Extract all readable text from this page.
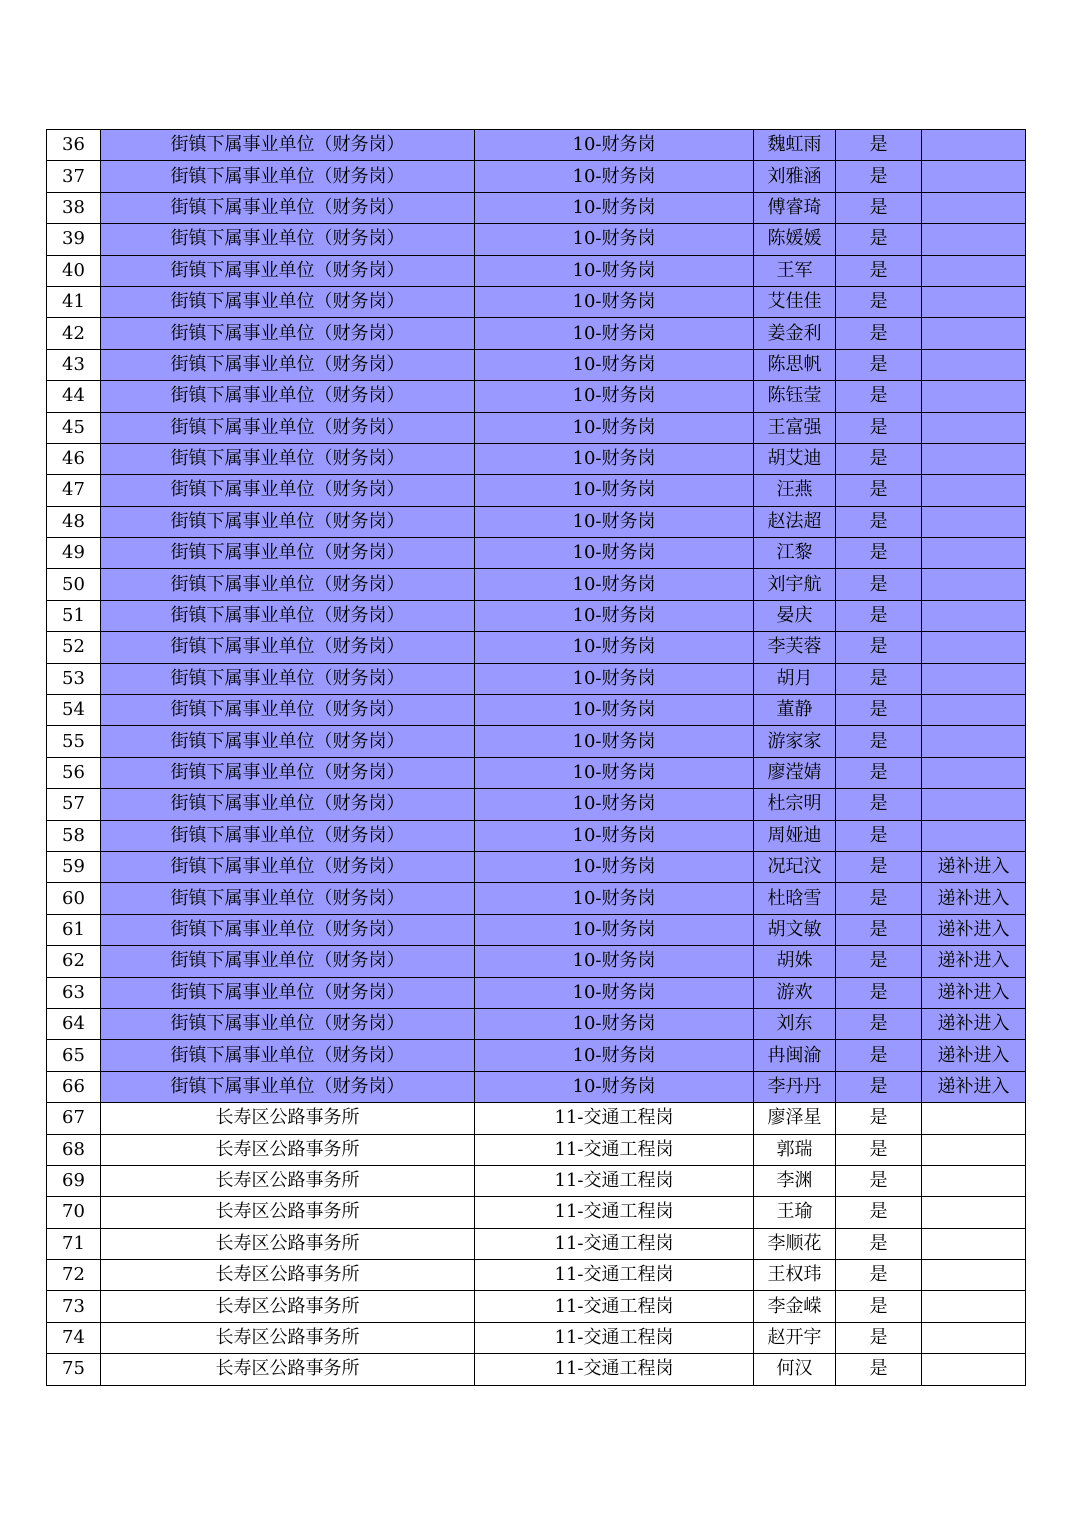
36	街镇下属事业单位（财务岗）	10-财务岗	魏虹雨	是	
37	街镇下属事业单位（财务岗）	10-财务岗	刘雅涵	是	
38	街镇下属事业单位（财务岗）	10-财务岗	傅睿琦	是	
39	街镇下属事业单位（财务岗）	10-财务岗	陈媛媛	是	
40	街镇下属事业单位（财务岗）	10-财务岗	王军	是	
41	街镇下属事业单位（财务岗）	10-财务岗	艾佳佳	是	
42	街镇下属事业单位（财务岗）	10-财务岗	姜金利	是	
43	街镇下属事业单位（财务岗）	10-财务岗	陈思帆	是	
44	街镇下属事业单位（财务岗）	10-财务岗	陈钰莹	是	
45	街镇下属事业单位（财务岗）	10-财务岗	王富强	是	
46	街镇下属事业单位（财务岗）	10-财务岗	胡艾迪	是	
47	街镇下属事业单位（财务岗）	10-财务岗	汪燕	是	
48	街镇下属事业单位（财务岗）	10-财务岗	赵法超	是	
49	街镇下属事业单位（财务岗）	10-财务岗	江黎	是	
50	街镇下属事业单位（财务岗）	10-财务岗	刘宇航	是	
51	街镇下属事业单位（财务岗）	10-财务岗	晏庆	是	
52	街镇下属事业单位（财务岗）	10-财务岗	李芙蓉	是	
53	街镇下属事业单位（财务岗）	10-财务岗	胡月	是	
54	街镇下属事业单位（财务岗）	10-财务岗	董静	是	
55	街镇下属事业单位（财务岗）	10-财务岗	游家家	是	
56	街镇下属事业单位（财务岗）	10-财务岗	廖滢婧	是	
57	街镇下属事业单位（财务岗）	10-财务岗	杜宗明	是	
58	街镇下属事业单位（财务岗）	10-财务岗	周娅迪	是	
59	街镇下属事业单位（财务岗）	10-财务岗	况玘汶	是	递补进入
60	街镇下属事业单位（财务岗）	10-财务岗	杜晗雪	是	递补进入
61	街镇下属事业单位（财务岗）	10-财务岗	胡文敏	是	递补进入
62	街镇下属事业单位（财务岗）	10-财务岗	胡姝	是	递补进入
63	街镇下属事业单位（财务岗）	10-财务岗	游欢	是	递补进入
64	街镇下属事业单位（财务岗）	10-财务岗	刘东	是	递补进入
65	街镇下属事业单位（财务岗）	10-财务岗	冉闽渝	是	递补进入
66	街镇下属事业单位（财务岗）	10-财务岗	李丹丹	是	递补进入
67	长寿区公路事务所	11-交通工程岗	廖泽星	是	
68	长寿区公路事务所	11-交通工程岗	郭瑞	是	
69	长寿区公路事务所	11-交通工程岗	李渊	是	
70	长寿区公路事务所	11-交通工程岗	王瑜	是	
71	长寿区公路事务所	11-交通工程岗	李顺花	是	
72	长寿区公路事务所	11-交通工程岗	王权玮	是	
73	长寿区公路事务所	11-交通工程岗	李金嵘	是	
74	长寿区公路事务所	11-交通工程岗	赵开宇	是	
75	长寿区公路事务所	11-交通工程岗	何汉	是	
